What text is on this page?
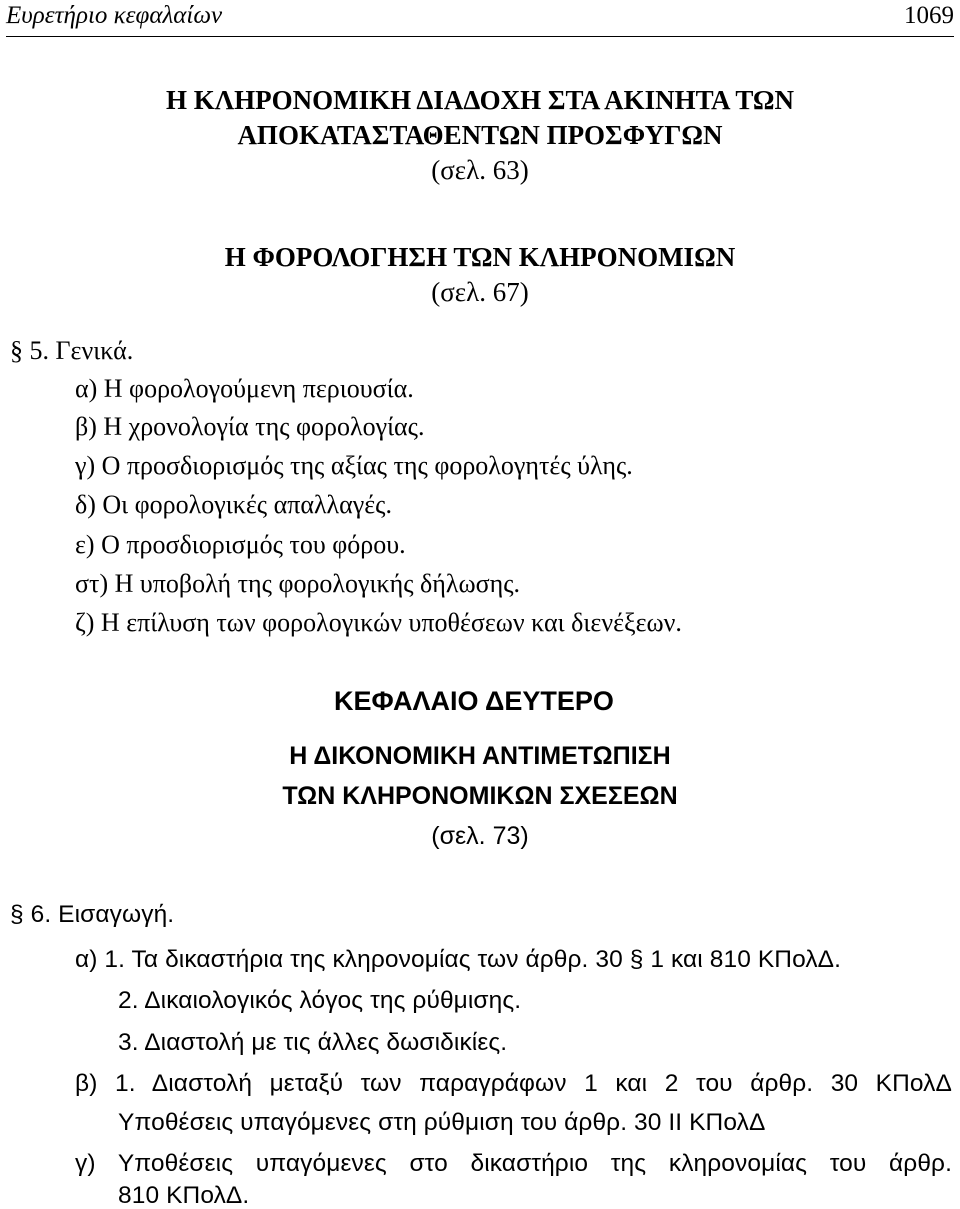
Ευρετήριο κεφαλαίων	1069
Η ΚΛΗΡΟΝΟΜΙΚΗ ΔΙΑΔΟΧΗ ΣΤΑ ΑΚΙΝΗΤΑ ΤΩΝ
ΑΠΟΚΑΤΑΣΤΑΘΕΝΤΩΝ ΠΡΟΣΦΥΓΩΝ
(σελ. 63)
Η ΦΟΡΟΛΟΓΗΣΗ ΤΩΝ ΚΛΗΡΟΝΟΜΙΩΝ
(σελ. 67)
§ 5. Γενικά.
α) Η φορολογούμενη περιουσία.
β) Η χρονολογία της φορολογίας.
γ) Ο προσδιορισμός της αξίας της φορολογητές ύλης.
δ) Οι φορολογικές απαλλαγές.
ε) Ο προσδιορισμός του φόρου.
στ) Η υποβολή της φορολογικής δήλωσης.
ζ) Η επίλυση των φορολογικών υποθέσεων και διενέξεων.
ΚΕΦΑΛΑΙΟ ΔΕΥΤΕΡΟ
Η ΔΙΚΟΝΟΜΙΚΗ ΑΝΤΙΜΕΤΩΠΙΣΗ
ΤΩΝ ΚΛΗΡΟΝΟΜΙΚΩΝ ΣΧΕΣΕΩΝ
(σελ. 73)
§ 6. Εισαγωγή.
α) 1. Τα δικαστήρια της κληρονομίας των άρθρ. 30 § 1 και 810 ΚΠολΔ.
2. Δικαιολογικός λόγος της ρύθμισης.
3. Διαστολή με τις άλλες δωσιδικίες.
β) 1. Διαστολή μεταξύ των παραγράφων 1 και 2 του άρθρ. 30 ΚΠολΔ
Υποθέσεις υπαγόμενες στη ρύθμιση του άρθρ. 30 ΙΙ ΚΠολΔ
γ) Υποθέσεις υπαγόμενες στο δικαστήριο της κληρονομίας του άρθρ.
810 ΚΠολΔ.
